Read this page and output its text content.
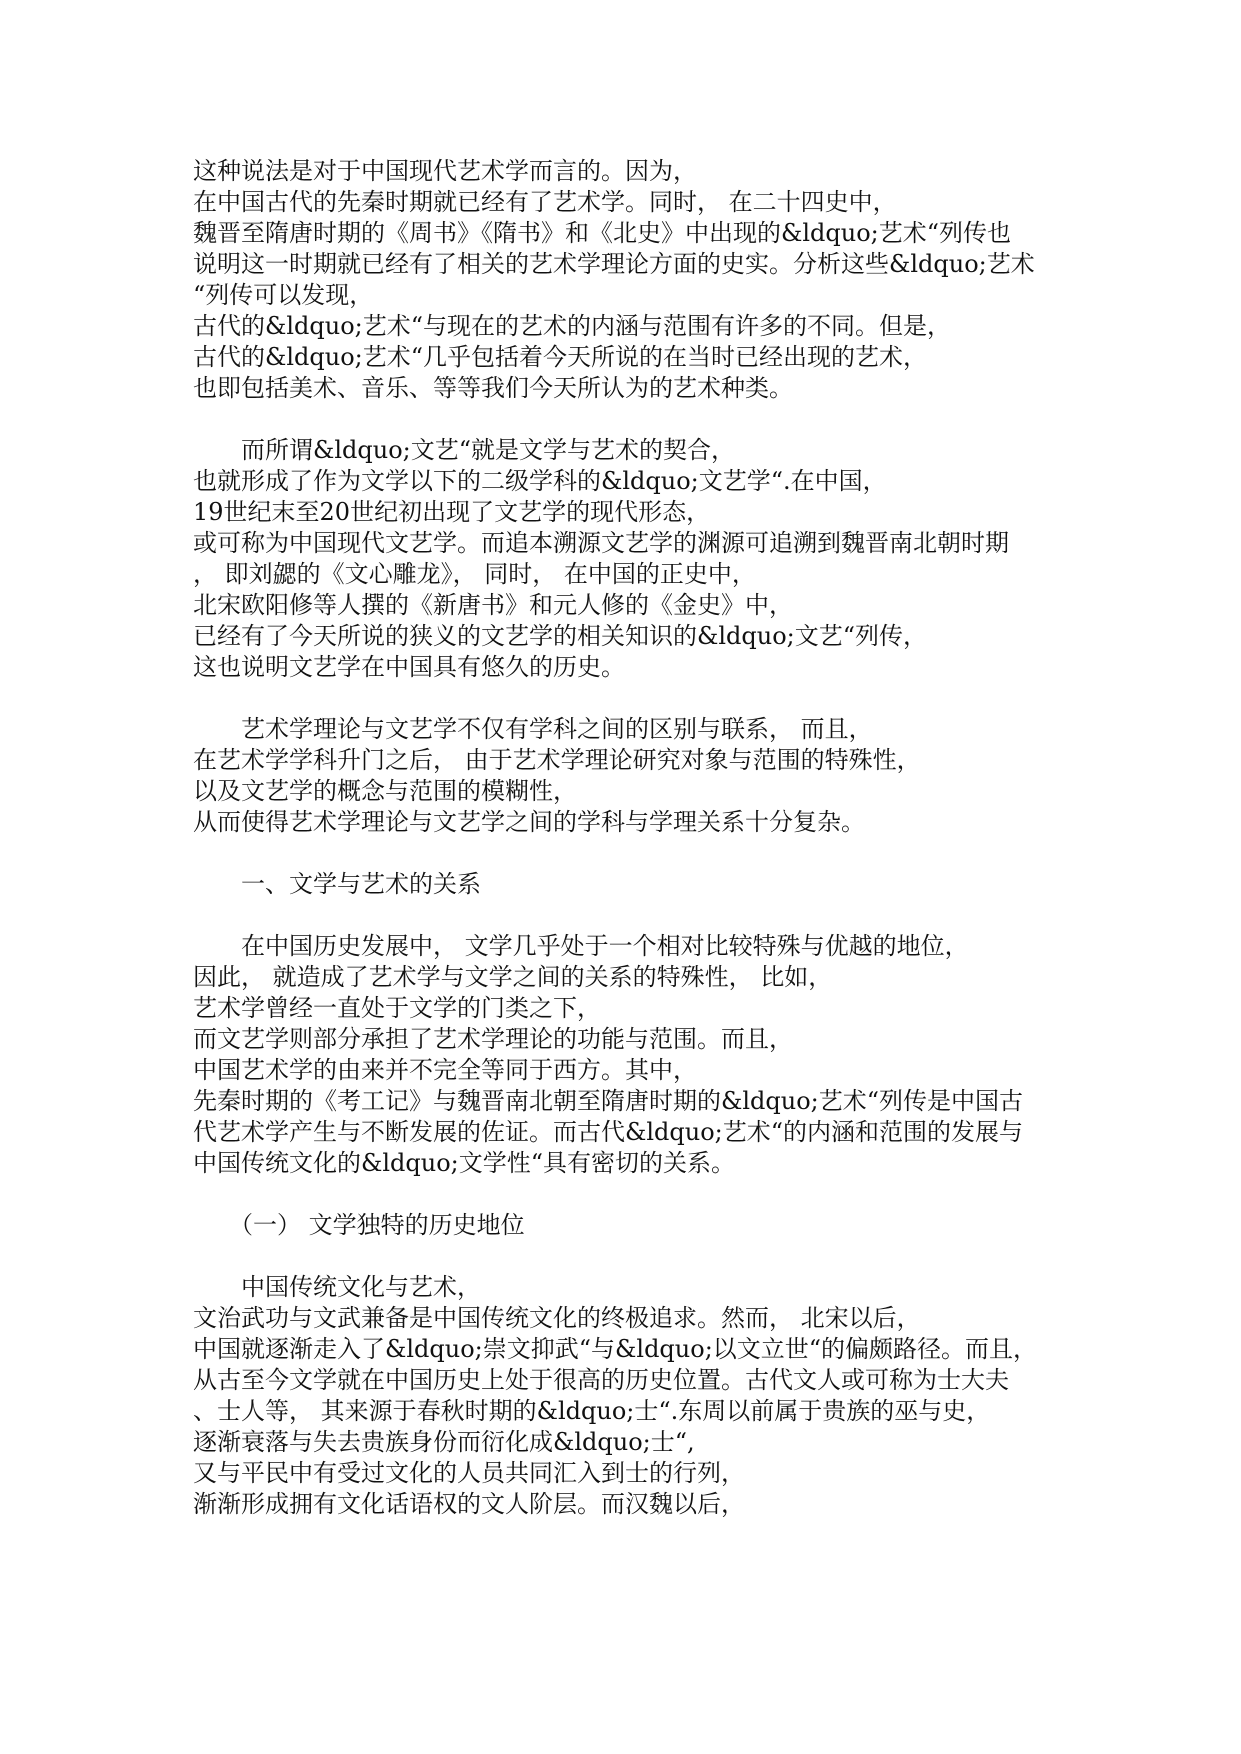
这种说法是对于中国现代艺术学而言的。因为，
在中国古代的先秦时期就已经有了艺术学。同时， 在二十四史中，
魏晋至隋唐时期的《周书》《隋书》和《北史》中出现的&ldquo;艺术“列传也
说明这一时期就已经有了相关的艺术学理论方面的史实。分析这些&ldquo;艺术
“列传可以发现，
古代的&ldquo;艺术“与现在的艺术的内涵与范围有许多的不同。但是，
古代的&ldquo;艺术“几乎包括着今天所说的在当时已经出现的艺术，
也即包括美术、音乐、等等我们今天所认为的艺术种类。
　　而所谓&ldquo;文艺“就是文学与艺术的契合，
也就形成了作为文学以下的二级学科的&ldquo;文艺学“.在中国，
19世纪末至20世纪初出现了文艺学的现代形态，
或可称为中国现代文艺学。而追本溯源文艺学的渊源可追溯到魏晋南北朝时期
， 即刘勰的《文心雕龙》， 同时， 在中国的正史中，
北宋欧阳修等人撰的《新唐书》和元人修的《金史》中，
已经有了今天所说的狭义的文艺学的相关知识的&ldquo;文艺“列传，
这也说明文艺学在中国具有悠久的历史。
　　艺术学理论与文艺学不仅有学科之间的区别与联系， 而且，
在艺术学学科升门之后， 由于艺术学理论研究对象与范围的特殊性，
以及文艺学的概念与范围的模糊性，
从而使得艺术学理论与文艺学之间的学科与学理关系十分复杂。
　　一、文学与艺术的关系
　　在中国历史发展中， 文学几乎处于一个相对比较特殊与优越的地位，
因此， 就造成了艺术学与文学之间的关系的特殊性， 比如，
艺术学曾经一直处于文学的门类之下，
而文艺学则部分承担了艺术学理论的功能与范围。而且，
中国艺术学的由来并不完全等同于西方。其中，
先秦时期的《考工记》与魏晋南北朝至隋唐时期的&ldquo;艺术“列传是中国古
代艺术学产生与不断发展的佐证。而古代&ldquo;艺术“的内涵和范围的发展与
中国传统文化的&ldquo;文学性“具有密切的关系。
　　（一） 文学独特的历史地位
　　中国传统文化与艺术，
文治武功与文武兼备是中国传统文化的终极追求。然而， 北宋以后，
中国就逐渐走入了&ldquo;崇文抑武“与&ldquo;以文立世“的偏颇路径。而且，
从古至今文学就在中国历史上处于很高的历史位置。古代文人或可称为士大夫
、士人等， 其来源于春秋时期的&ldquo;士“.东周以前属于贵族的巫与史，
逐渐衰落与失去贵族身份而衍化成&ldquo;士“,
又与平民中有受过文化的人员共同汇入到士的行列，
渐渐形成拥有文化话语权的文人阶层。而汉魏以后，
